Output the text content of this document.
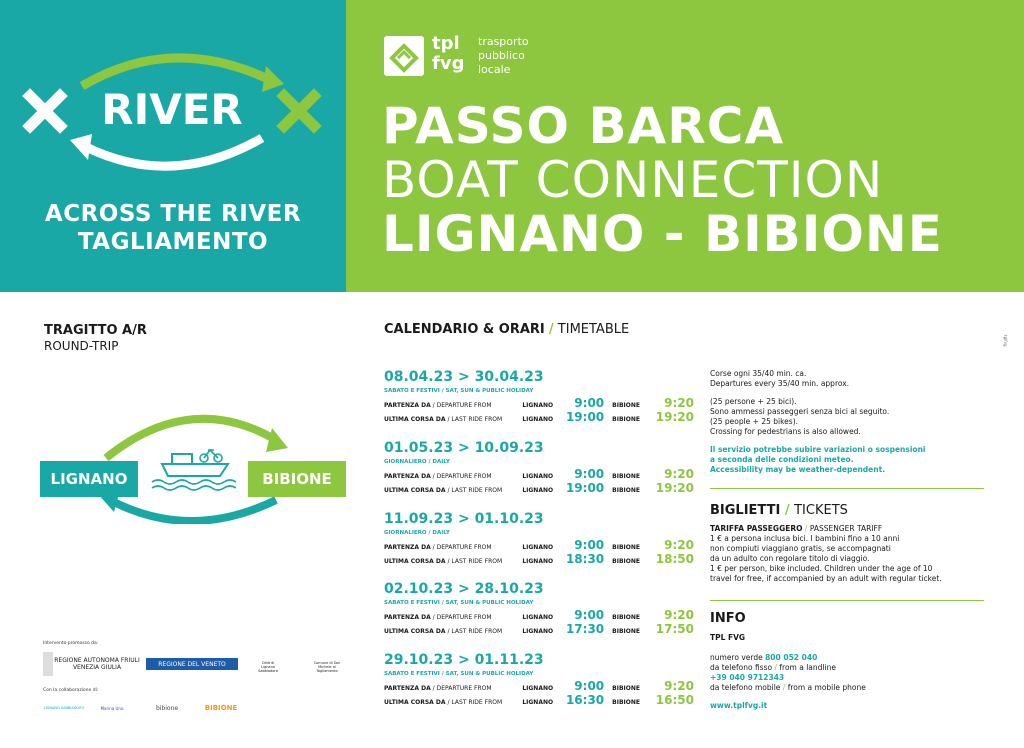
RIVER
ACROSS THE RIVER
TAGLIAMENTO
tpl
fvg
trasporto
pubblico
locale
PASSO BARCA
BOAT CONNECTION
LIGNANO - BIBIONE
TRAGITTO A/R
ROUND-TRIP
LIGNANO	BIBIONE
Intervento promosso da:
REGIONE AUTONOMA FRIULI VENEZIA GIULIA	REGIONE DEL VENETO	Città di Lignano Sabbiadoro
Comune di San Michele al Tagliamento
Con la collaborazione di:
LIGNANO SABBIADORO	Marina Uno	bibione	BIBIONE
CALENDARIO & ORARI / TIMETABLE
08.04.23 > 30.04.23
SABATO E FESTIVI / SAT, SUN & PUBLIC HOLIDAY
PARTENZA DA / DEPARTURE FROM	LIGNANO	9:00 BIBIONE	9:20
ULTIMA CORSA DA / LAST RIDE FROM	LIGNANO	19:00 BIBIONE	19:20
01.05.23 > 10.09.23
GIORNALIERO / DAILY
PARTENZA DA / DEPARTURE FROM	LIGNANO	9:00 BIBIONE	9:20
ULTIMA CORSA DA / LAST RIDE FROM	LIGNANO	19:00 BIBIONE	19:20
11.09.23 > 01.10.23
GIORNALIERO / DAILY
PARTENZA DA / DEPARTURE FROM	LIGNANO	9:00 BIBIONE	9:20
ULTIMA CORSA DA / LAST RIDE FROM	LIGNANO	18:30 BIBIONE	18:50
02.10.23 > 28.10.23
SABATO E FESTIVI / SAT, SUN & PUBLIC HOLIDAY
PARTENZA DA / DEPARTURE FROM	LIGNANO	9:00 BIBIONE	9:20
ULTIMA CORSA DA / LAST RIDE FROM	LIGNANO	17:30 BIBIONE	17:50
29.10.23 > 01.11.23
SABATO E FESTIVI / SAT, SUN & PUBLIC HOLIDAY
PARTENZA DA / DEPARTURE FROM	LIGNANO	9:00 BIBIONE	9:20
ULTIMA CORSA DA / LAST RIDE FROM	LIGNANO	16:30 BIBIONE	16:50
Corse ogni 35/40 min. ca.
Departures every 35/40 min. approx.
(25 persone + 25 bici).
Sono ammessi passeggeri senza bici al seguito.
(25 people + 25 bikes).
Crossing for pedestrians is also allowed.
Il servizio potrebbe subire variazioni o sospensioni
a seconda delle condizioni meteo.
Accessibility may be weather-dependent.
BIGLIETTI / TICKETS
TARIFFA PASSEGGERO / PASSENGER TARIFF
1 € a persona inclusa bici. I bambini fino a 10 anni
non compiuti viaggiano gratis, se accompagnati
da un adulto con regolare titolo di viaggio.
1 € per person, bike included. Children under the age of 10
travel for free, if accompanied by an adult with regular ticket.
INFO
TPL FVG
numero verde 800 052 040
da telefono fisso / from a landline
+39 040 9712343
da telefono mobile / from a mobile phone
www.tplfvg.it
tplfvg
